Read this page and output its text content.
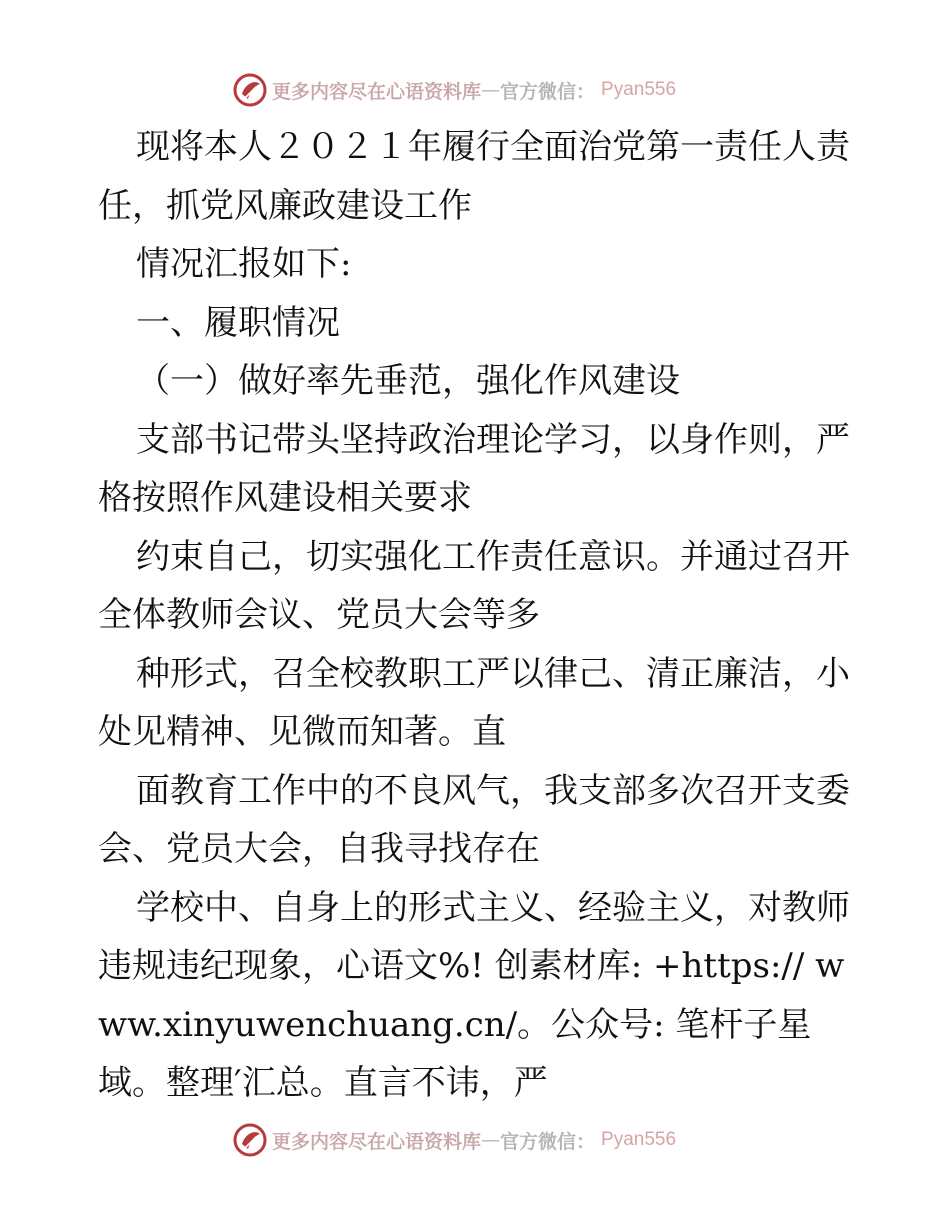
更多内容尽在心语资料库 — 官方微信： Pyan556

现将本人２０２１年履行全面治党第一责任人责任，抓党风廉政建设工作

情况汇报如下:

一、履职情况

（一）做好率先垂范，强化作风建设

支部书记带头坚持政治理论学习，以身作则，严格按照作风建设相关要求

约束自己，切实强化工作责任意识。并通过召开全体教师会议、党员大会等多

种形式，召全校教职工严以律己、清正廉洁，小处见精神、见微而知著。直

面教育工作中的不良风气，我支部多次召开支委会、党员大会，自我寻找存在

学校中、自身上的形式主义、经验主义，对教师违规违纪现象，心语文%! 创素材库: +https:// www.xinyuwenchuang.cn/。公众号: 笔杆子星域。整理′汇总。直言不讳，严

更多内容尽在心语资料库 — 官方微信： Pyan556
